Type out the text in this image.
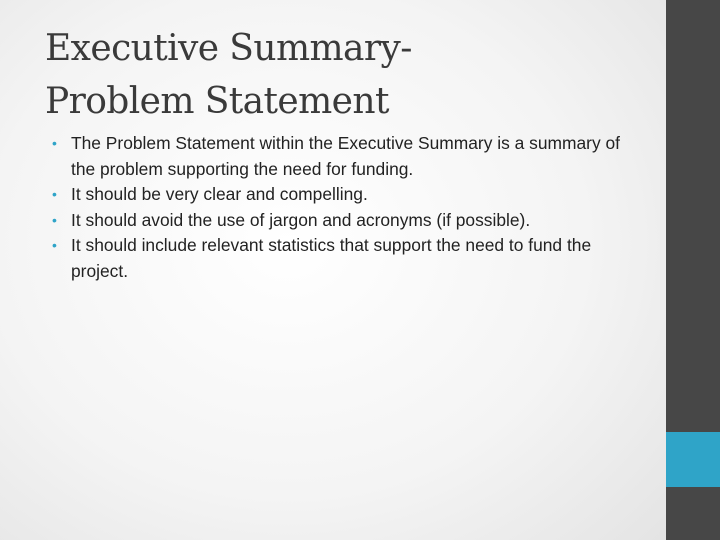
Executive Summary-
Problem Statement
• The Problem Statement within the Executive Summary is a summary of the problem supporting the need for funding.
• It should be very clear and compelling.
• It should avoid the use of jargon and acronyms (if possible).
• It should include relevant statistics that support the need to fund the project.
